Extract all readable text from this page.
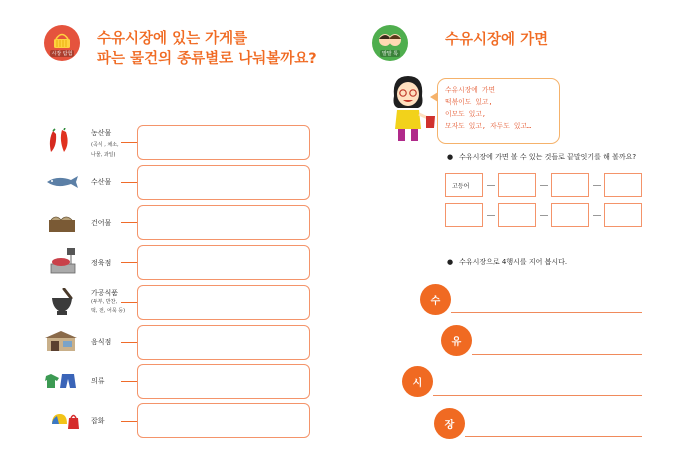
시장 탐험
수유시장에 있는 가게를
파는 물건의 종류별로 나눠볼까요?
농산물
(곡식 , 채소,
나물, 과일)
수산물
건어물
정육점
가공식품
(두부, 반찬,
떡, 전, 어묵 등)
음식점
의류
잡화
말말 톡
수유시장에 가면
수유시장에 가면
떡볶이도 있고,
이모도 있고,
모자도 있고, 자두도 있고…
● 수유시장에 가면 볼 수 있는 것들로 끝말잇기를 해 볼까요?
고등어
● 수유시장으로 4행시를 지어 봅시다.
수
유
시
장
